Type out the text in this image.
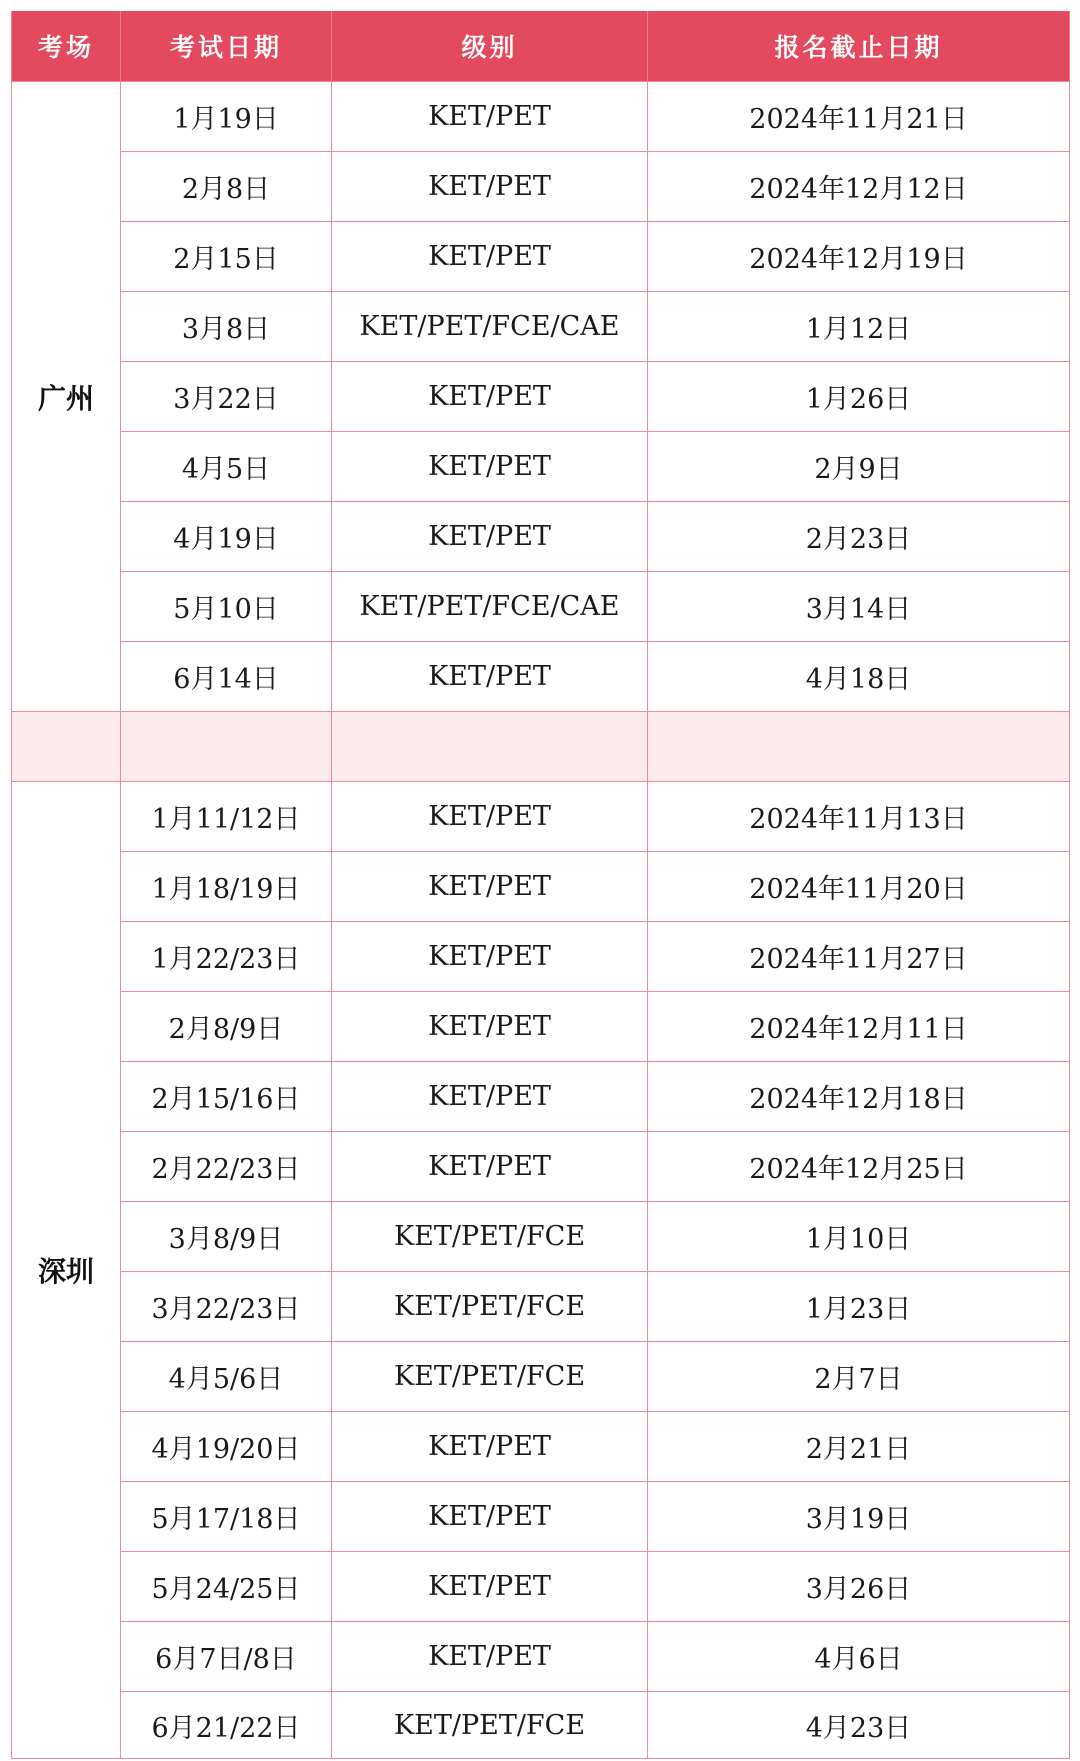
考场	考试日期	级别	报名截止日期
广州	1月19日	KET/PET	2024年11月21日
	2月8日	KET/PET	2024年12月12日
	2月15日	KET/PET	2024年12月19日
	3月8日	KET/PET/FCE/CAE	1月12日
	3月22日	KET/PET	1月26日
	4月5日	KET/PET	2月9日
	4月19日	KET/PET	2月23日
	5月10日	KET/PET/FCE/CAE	3月14日
	6月14日	KET/PET	4月18日

深圳	1月11/12日	KET/PET	2024年11月13日
	1月18/19日	KET/PET	2024年11月20日
	1月22/23日	KET/PET	2024年11月27日
	2月8/9日	KET/PET	2024年12月11日
	2月15/16日	KET/PET	2024年12月18日
	2月22/23日	KET/PET	2024年12月25日
	3月8/9日	KET/PET/FCE	1月10日
	3月22/23日	KET/PET/FCE	1月23日
	4月5/6日	KET/PET/FCE	2月7日
	4月19/20日	KET/PET	2月21日
	5月17/18日	KET/PET	3月19日
	5月24/25日	KET/PET	3月26日
	6月7日/8日	KET/PET	4月6日
	6月21/22日	KET/PET/FCE	4月23日
